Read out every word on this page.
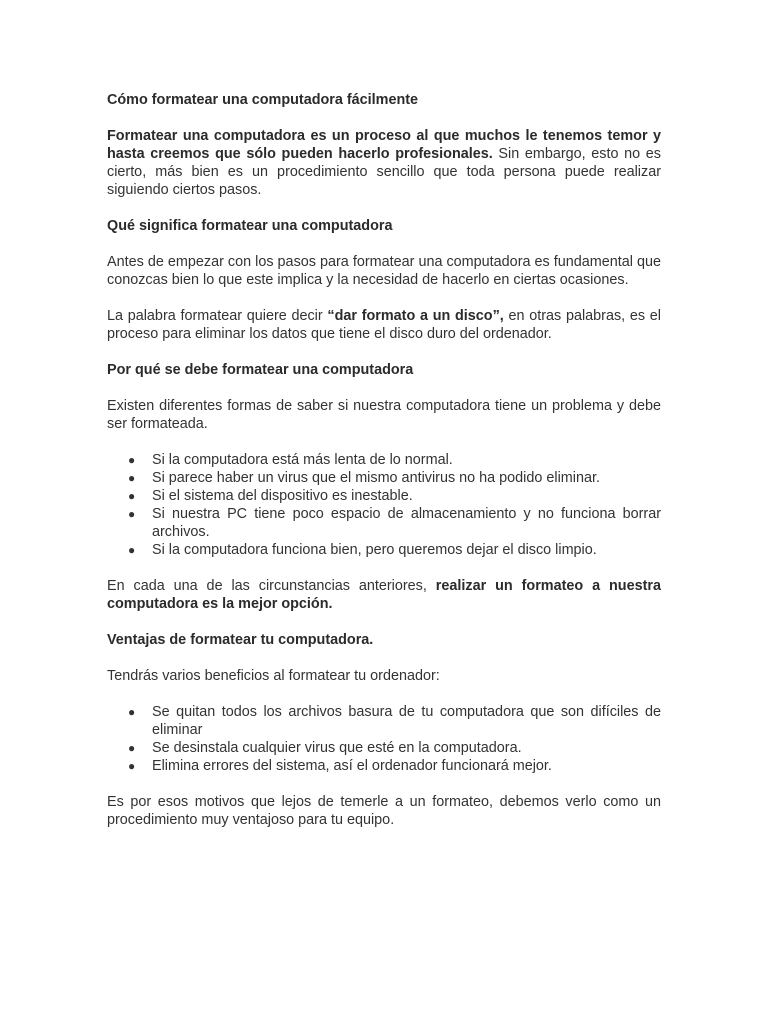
Cómo formatear una computadora fácilmente

Formatear una computadora es un proceso al que muchos le tenemos temor y hasta creemos que sólo pueden hacerlo profesionales. Sin embargo, esto no es cierto, más bien es un procedimiento sencillo que toda persona puede realizar siguiendo ciertos pasos.

Qué significa formatear una computadora

Antes de empezar con los pasos para formatear una computadora es fundamental que conozcas bien lo que este implica y la necesidad de hacerlo en ciertas ocasiones.

La palabra formatear quiere decir “dar formato a un disco”, en otras palabras, es el proceso para eliminar los datos que tiene el disco duro del ordenador.

Por qué se debe formatear una computadora

Existen diferentes formas de saber si nuestra computadora tiene un problema y debe ser formateada.

● Si la computadora está más lenta de lo normal.
● Si parece haber un virus que el mismo antivirus no ha podido eliminar.
● Si el sistema del dispositivo es inestable.
● Si nuestra PC tiene poco espacio de almacenamiento y no funciona borrar archivos.
● Si la computadora funciona bien, pero queremos dejar el disco limpio.

En cada una de las circunstancias anteriores, realizar un formateo a nuestra computadora es la mejor opción.

Ventajas de formatear tu computadora.

Tendrás varios beneficios al formatear tu ordenador:

● Se quitan todos los archivos basura de tu computadora que son difíciles de eliminar
● Se desinstala cualquier virus que esté en la computadora.
● Elimina errores del sistema, así el ordenador funcionará mejor.

Es por esos motivos que lejos de temerle a un formateo, debemos verlo como un procedimiento muy ventajoso para tu equipo.
